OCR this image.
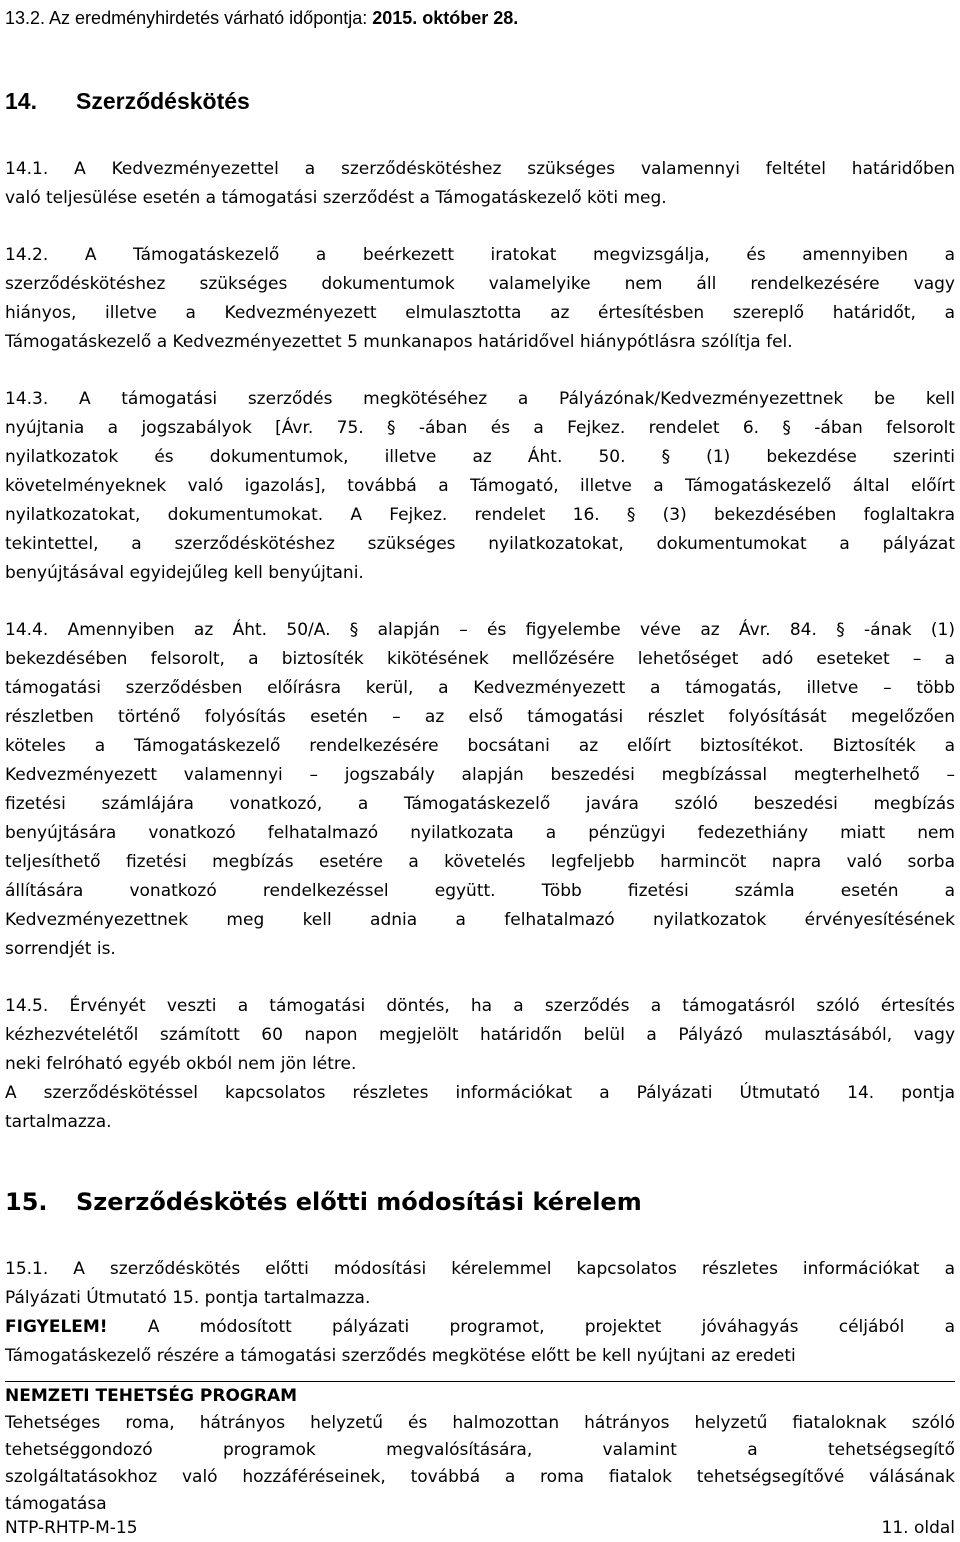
13.2. Az eredményhirdetés várható időpontja: 2015. október 28.
14. Szerződéskötés
14.1. A Kedvezményezettel a szerződéskötéshez szükséges valamennyi feltétel határidőben
való teljesülése esetén a támogatási szerződést a Támogatáskezelő köti meg.
14.2. A Támogatáskezelő a beérkezett iratokat megvizsgálja, és amennyiben a
szerződéskötéshez szükséges dokumentumok valamelyike nem áll rendelkezésére vagy
hiányos, illetve a Kedvezményezett elmulasztotta az értesítésben szereplő határidőt, a
Támogatáskezelő a Kedvezményezettet 5 munkanapos határidővel hiánypótlásra szólítja fel.
14.3. A támogatási szerződés megkötéséhez a Pályázónak/Kedvezményezettnek be kell
nyújtania a jogszabályok [Ávr. 75. § -ában és a Fejkez. rendelet 6. § -ában felsorolt
nyilatkozatok és dokumentumok, illetve az Áht. 50. § (1) bekezdése szerinti
követelményeknek való igazolás], továbbá a Támogató, illetve a Támogatáskezelő által előírt
nyilatkozatokat, dokumentumokat. A Fejkez. rendelet 16. § (3) bekezdésében foglaltakra
tekintettel, a szerződéskötéshez szükséges nyilatkozatokat, dokumentumokat a pályázat
benyújtásával egyidejűleg kell benyújtani.
14.4. Amennyiben az Áht. 50/A. § alapján – és figyelembe véve az Ávr. 84. § -ának (1)
bekezdésében felsorolt, a biztosíték kikötésének mellőzésére lehetőséget adó eseteket – a
támogatási szerződésben előírásra kerül, a Kedvezményezett a támogatás, illetve – több
részletben történő folyósítás esetén – az első támogatási részlet folyósítását megelőzően
köteles a Támogatáskezelő rendelkezésére bocsátani az előírt biztosítékot. Biztosíték a
Kedvezményezett valamennyi – jogszabály alapján beszedési megbízással megterhelhető –
fizetési számlájára vonatkozó, a Támogatáskezelő javára szóló beszedési megbízás
benyújtására vonatkozó felhatalmazó nyilatkozata a pénzügyi fedezethiány miatt nem
teljesíthető fizetési megbízás esetére a követelés legfeljebb harmincöt napra való sorba
állítására vonatkozó rendelkezéssel együtt. Több fizetési számla esetén a
Kedvezményezettnek meg kell adnia a felhatalmazó nyilatkozatok érvényesítésének
sorrendjét is.
14.5. Érvényét veszti a támogatási döntés, ha a szerződés a támogatásról szóló értesítés
kézhezvételétől számított 60 napon megjelölt határidőn belül a Pályázó mulasztásából, vagy
neki felróható egyéb okból nem jön létre.
A szerződéskötéssel kapcsolatos részletes információkat a Pályázati Útmutató 14. pontja
tartalmazza.
15. Szerződéskötés előtti módosítási kérelem
15.1. A szerződéskötés előtti módosítási kérelemmel kapcsolatos részletes információkat a
Pályázati Útmutató 15. pontja tartalmazza.
FIGYELEM! A módosított pályázati programot, projektet jóváhagyás céljából a
Támogatáskezelő részére a támogatási szerződés megkötése előtt be kell nyújtani az eredeti
NEMZETI TEHETSÉG PROGRAM
Tehetséges roma, hátrányos helyzetű és halmozottan hátrányos helyzetű fiataloknak szóló
tehetséggondozó programok megvalósítására, valamint a tehetségsegítő
szolgáltatásokhoz való hozzáféréseinek, továbbá a roma fiatalok tehetségsegítővé válásának
támogatása
NTP-RHTP-M-15	11. oldal
